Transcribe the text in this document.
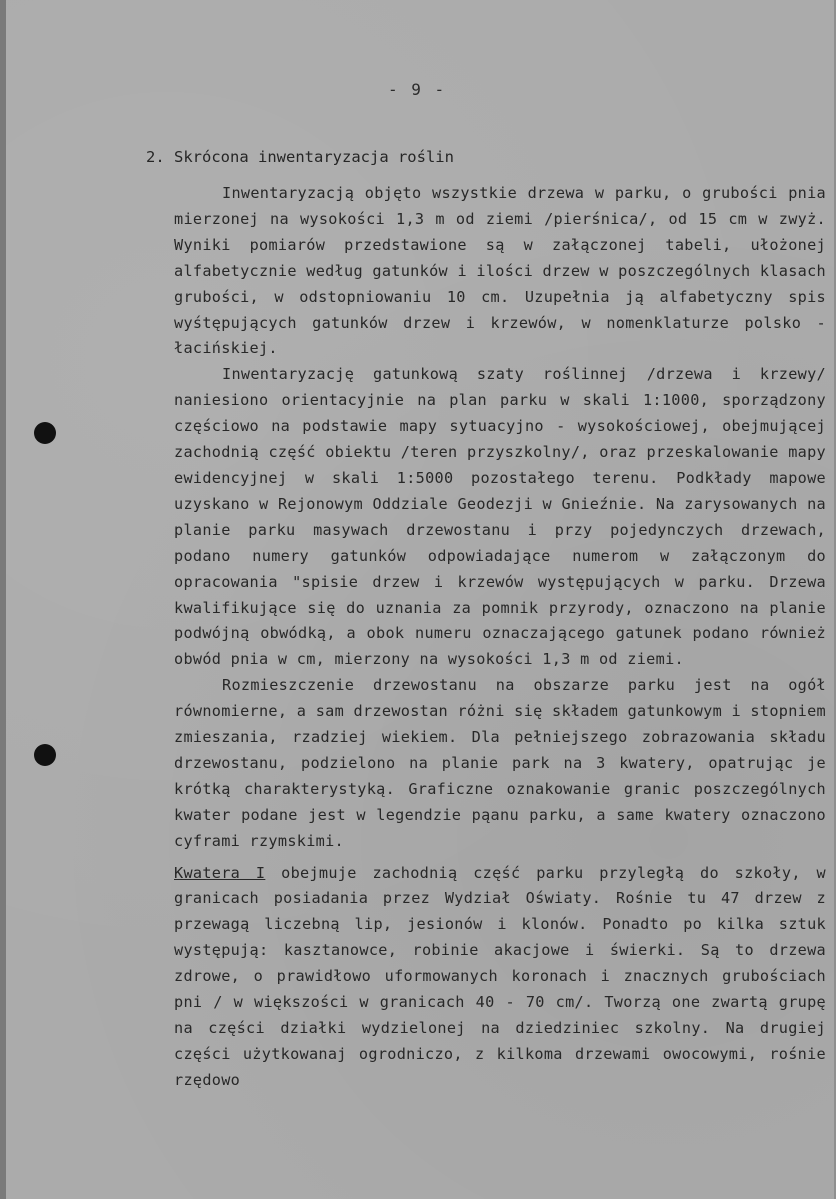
- 9 -
2. Skrócona inwentaryzacja roślin

Inwentaryzacją objęto wszystkie drzewa w parku, o grubości pnia mierzonej na wysokości 1,3 m od ziemi /pierśnica/, od 15 cm w zwyż. Wyniki pomiarów przedstawione są w załączonej tabeli, ułożonej alfabetycznie według gatunków i ilości drzew w poszczególnych klasach grubości, w odstopniowaniu 10 cm. Uzupełnia ją alfabetyczny spis wyśtępujących gatunków drzew i krzewów, w nomenklaturze polsko - łacińskiej.

Inwentaryzację gatunkową szaty roślinnej /drzewa i krzewy/ naniesiono orientacyjnie na plan parku w skali 1:1000, sporządzony częściowo na podstawie mapy sytuacyjno - wysokościowej, obejmującej zachodnią część obiektu /teren przyszkolny/, oraz przeskalowanie mapy ewidencyjnej w skali 1:5000 pozostałego terenu. Podkłady mapowe uzyskano w Rejonowym Oddziale Geodezji w Gnieźnie. Na zarysowanych na planie parku masywach drzewostanu i przy pojedynczych drzewach, podano numery gatunków odpowiadające numerom w załączonym do opracowania "spisie drzew i krzewów występujących w parku. Drzewa kwalifikujące się do uznania za pomnik przyrody, oznaczono na planie podwójną obwódką, a obok numeru oznaczającego gatunek podano również obwód pnia w cm, mierzony na wysokości 1,3 m od ziemi.

Rozmieszczenie drzewostanu na obszarze parku jest na ogół równomierne, a sam drzewostan różni się składem gatunkowym i stopniem zmieszania, rzadziej wiekiem. Dla pełniejszego zobrazowania składu drzewostanu, podzielono na planie park na 3 kwatery, opatrując je krótką charakterystyką. Graficzne oznakowanie granic poszczególnych kwater podane jest w legendzie pąanu parku, a same kwatery oznaczono cyframi rzymskimi.

Kwatera I obejmuje zachodnią część parku przyległą do szkoły, w granicach posiadania przez Wydział Oświaty. Rośnie tu 47 drzew z przewagą liczebną lip, jesionów i klonów. Ponadto po kilka sztuk występują: kasztanowce, robinie akacjowe i świerki. Są to drzewa zdrowe, o prawidłowo uformowanych koronach i znacznych grubościach pni / w większości w granicach 40 - 70 cm/. Tworzą one zwartą grupę na części działki wydzielonej na dziedziniec szkolny. Na drugiej części użytkowanaj ogrodniczo, z kilkoma drzewami owocowymi, rośnie rzędowo
